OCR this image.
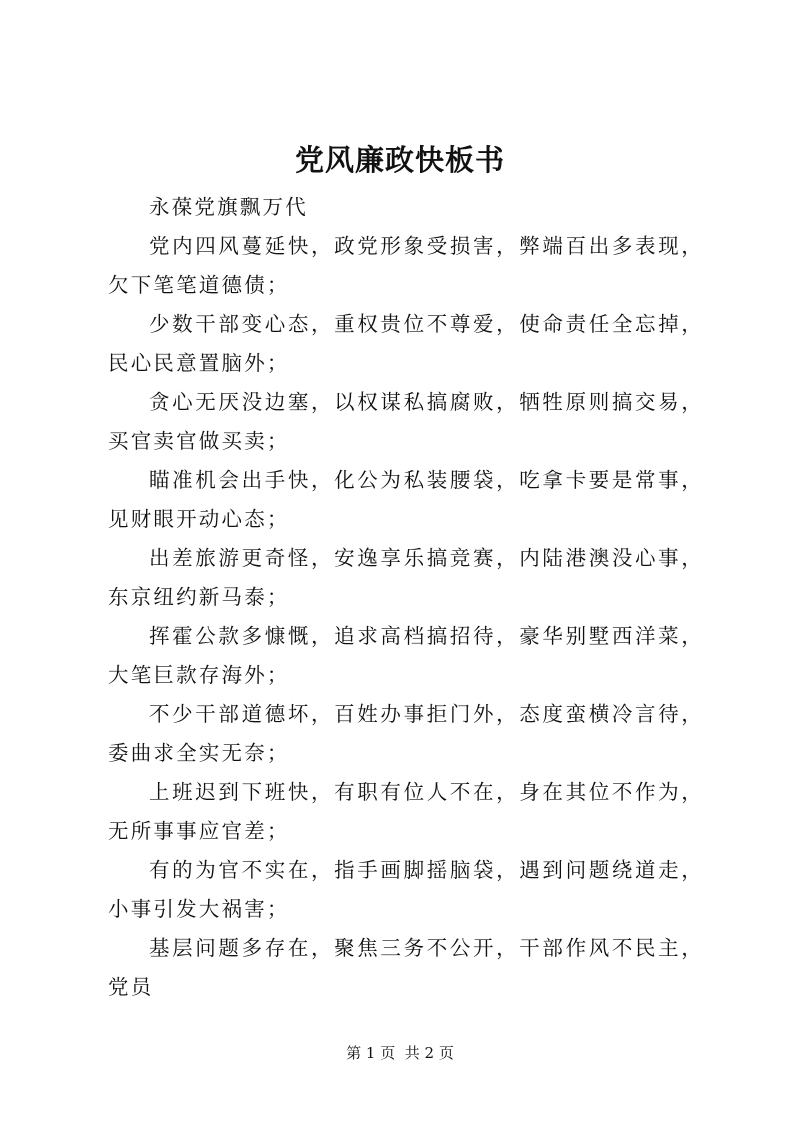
党风廉政快板书

永葆党旗飘万代

党内四风蔓延快，政党形象受损害，弊端百出多表现，欠下笔笔道德债；

少数干部变心态，重权贵位不尊爱，使命责任全忘掉，民心民意置脑外；

贪心无厌没边塞，以权谋私搞腐败，牺牲原则搞交易，买官卖官做买卖；

瞄准机会出手快，化公为私装腰袋，吃拿卡要是常事，见财眼开动心态；

出差旅游更奇怪，安逸享乐搞竞赛，内陆港澳没心事，东京纽约新马泰；

挥霍公款多慷慨，追求高档搞招待，豪华别墅西洋菜，大笔巨款存海外；

不少干部道德坏，百姓办事拒门外，态度蛮横冷言待，委曲求全实无奈；

上班迟到下班快，有职有位人不在，身在其位不作为，无所事事应官差；

有的为官不实在，指手画脚摇脑袋，遇到问题绕道走，小事引发大祸害；

基层问题多存在，聚焦三务不公开，干部作风不民主，党员

第 1 页  共 2 页
